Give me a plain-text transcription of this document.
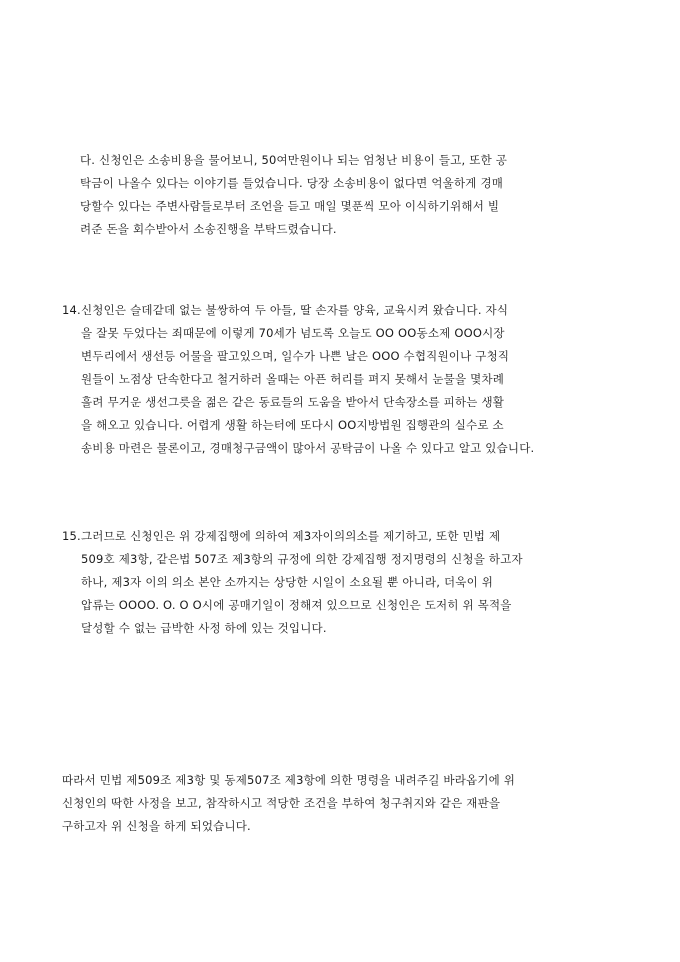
다. 신청인은 소송비용을 물어보니, 50여만원이나 되는 엄청난 비용이 들고, 또한 공
탁금이 나올수 있다는 이야기를 들었습니다. 당장 소송비용이 없다면 억울하게 경매
당할수 있다는 주변사람들로부터 조언을 듣고 매일 몇푼씩 모아 이식하기위해서 빌
려준 돈을 회수받아서 소송진행을 부탁드렸습니다.
14.신청인은 슬데같데 없는 불쌍하여 두 아들, 딸 손자를 양육, 교육시켜 왔습니다. 자식
을 잘못 두었다는 죄때문에 이렇게 70세가 넘도록 오늘도 OO OO동소제 OOO시장
변두리에서 생선등 어물을 팔고있으며, 일수가 나쁜 날은 OOO 수협직원이나 구청직
원들이 노점상 단속한다고 철거하러 올때는 아픈 허리를 펴지 못해서 눈물을 몇차례
흘려 무거운 생선그릇을 젊은 같은 동료들의 도움을 받아서 단속장소를 피하는 생활
을 해오고 있습니다. 어렵게 생활 하는터에 또다시 OO지방법원 집행관의 실수로 소
송비용 마련은 물론이고, 경매청구금액이 많아서 공탁금이 나올 수 있다고 알고 있습니다.
15.그러므로 신청인은 위 강제집행에 의하여 제3자이의의소를 제기하고, 또한 민법 제
509호 제3항, 같은법 507조 제3항의 규정에 의한 강제집행 정지명령의 신청을 하고자
하나, 제3자 이의 의소 본안 소까지는 상당한 시일이 소요될 뿐 아니라, 더욱이 위
압류는 OOOO. O. O O시에 공매기일이 정해져 있으므로 신청인은 도저히 위 목적을
달성할 수 없는 급박한 사정 하에 있는 것입니다.
따라서 민법 제509조 제3항 및 동제507조 제3항에 의한 명령을 내려주길 바라옵기에 위
신청인의 딱한 사정을 보고, 참작하시고 적당한 조건을 부하여 청구취지와 같은 재판을
구하고자 위 신청을 하게 되었습니다.
